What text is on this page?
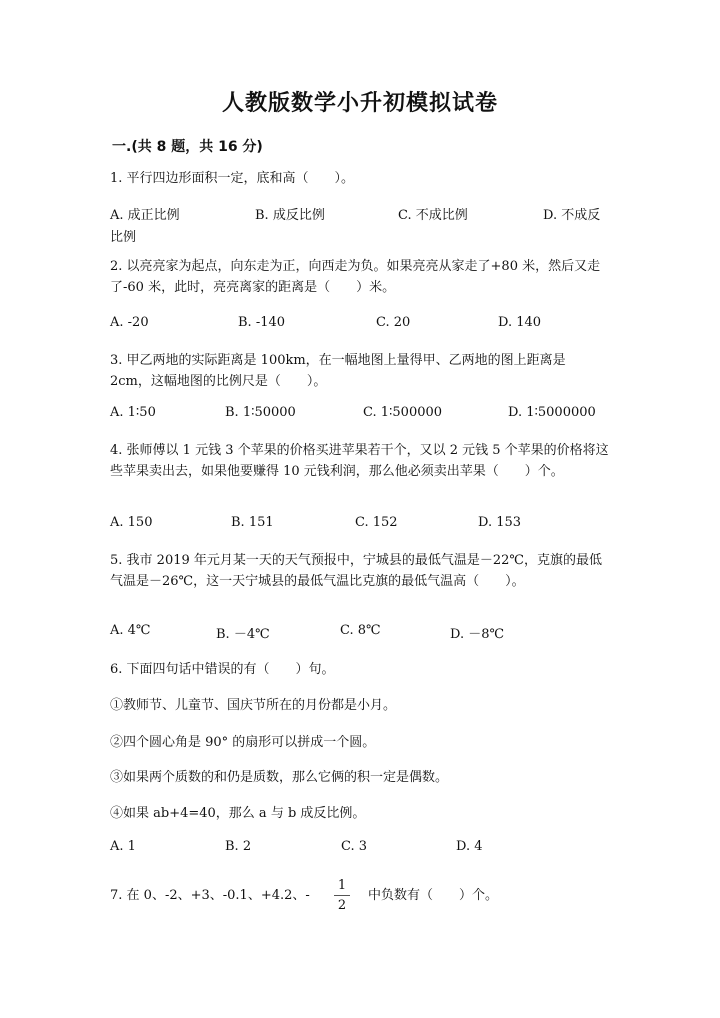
人教版数学小升初模拟试卷
一.(共 8 题，共 16 分)
1. 平行四边形面积一定，底和高（　　）。
A. 成正比例	B. 成反比例	C. 不成比例	D. 不成反
比例
2. 以亮亮家为起点，向东走为正，向西走为负。如果亮亮从家走了+80 米，然后又走了-60 米，此时，亮亮离家的距离是（　　）米。
A. -20	B. -140	C. 20	D. 140
3. 甲乙两地的实际距离是 100km，在一幅地图上量得甲、乙两地的图上距离是 2cm，这幅地图的比例尺是（　　）。
A. 1∶50	B. 1∶50000	C. 1∶500000	D. 1∶5000000
4. 张师傅以 1 元钱 3 个苹果的价格买进苹果若干个，又以 2 元钱 5 个苹果的价格将这些苹果卖出去，如果他要赚得 10 元钱利润，那么他必须卖出苹果（　　）个。
A. 150	B. 151	C. 152	D. 153
5. 我市 2019 年元月某一天的天气预报中，宁城县的最低气温是－22℃，克旗的最低气温是－26℃，这一天宁城县的最低气温比克旗的最低气温高（　　）。
A. 4℃	B. －4℃	C. 8℃	D. －8℃
6. 下面四句话中错误的有（　　）句。
①教师节、儿童节、国庆节所在的月份都是小月。
②四个圆心角是 90° 的扇形可以拼成一个圆。
③如果两个质数的和仍是质数，那么它俩的积一定是偶数。
④如果 ab+4=40，那么 a 与 b 成反比例。
A. 1	B. 2	C. 3	D. 4
7. 在 0、-2、+3、-0.1、+4.2、-
1
2
中负数有（　　）个。
